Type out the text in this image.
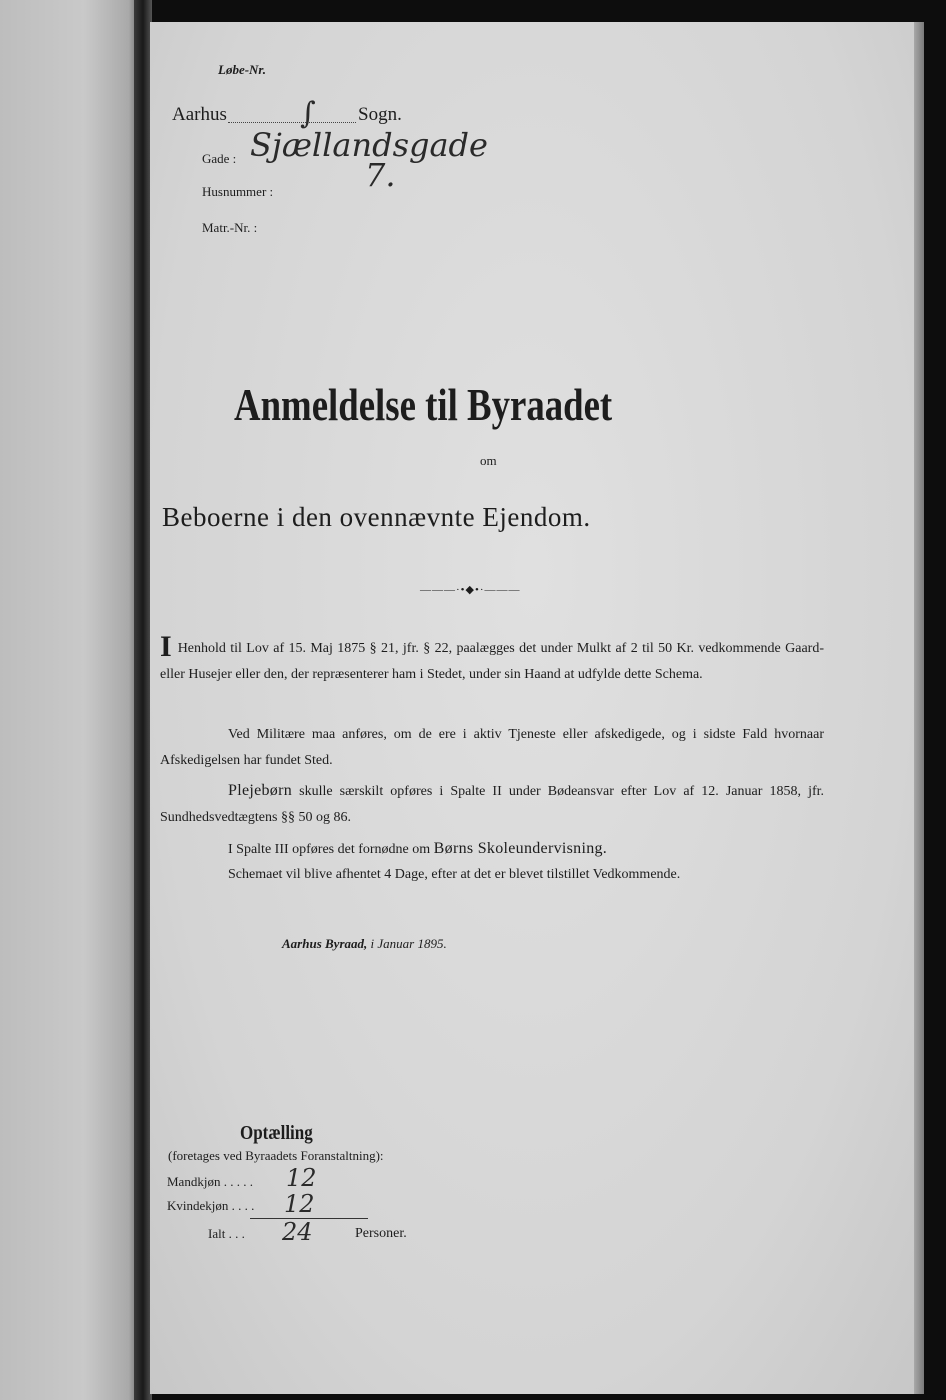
Løbe-Nr.
Aarhus ∫ Sogn.
Gade : Sjællandsgade
Husnummer :	7.
Matr.-Nr. :
Anmeldelse til Byraadet
om
Beboerne i den ovennævnte Ejendom.
———·•◆•·———
I Henhold til Lov af 15. Maj 1875 § 21, jfr. § 22, paalægges det under Mulkt af 2 til 50 Kr. vedkommende Gaard- eller Husejer eller den, der repræsenterer ham i Stedet, under sin Haand at udfylde dette Schema.
Ved Militære maa anføres, om de ere i aktiv Tjeneste eller afskedigede, og i sidste Fald hvornaar Afskedigelsen har fundet Sted.
Plejebørn skulle særskilt opføres i Spalte II under Bødeansvar efter Lov af 12. Januar 1858, jfr. Sundhedsvedtægtens §§ 50 og 86.
I Spalte III opføres det fornødne om Børns Skoleundervisning.
Schemaet vil blive afhentet 4 Dage, efter at det er blevet tilstillet Vedkommende.
Aarhus Byraad, i Januar 1895.
Optælling
(foretages ved Byraadets Foranstaltning):
Mandkjøn . . . . . 12
Kvindekjøn . . . . 12
Ialt . . . 24	Personer.
